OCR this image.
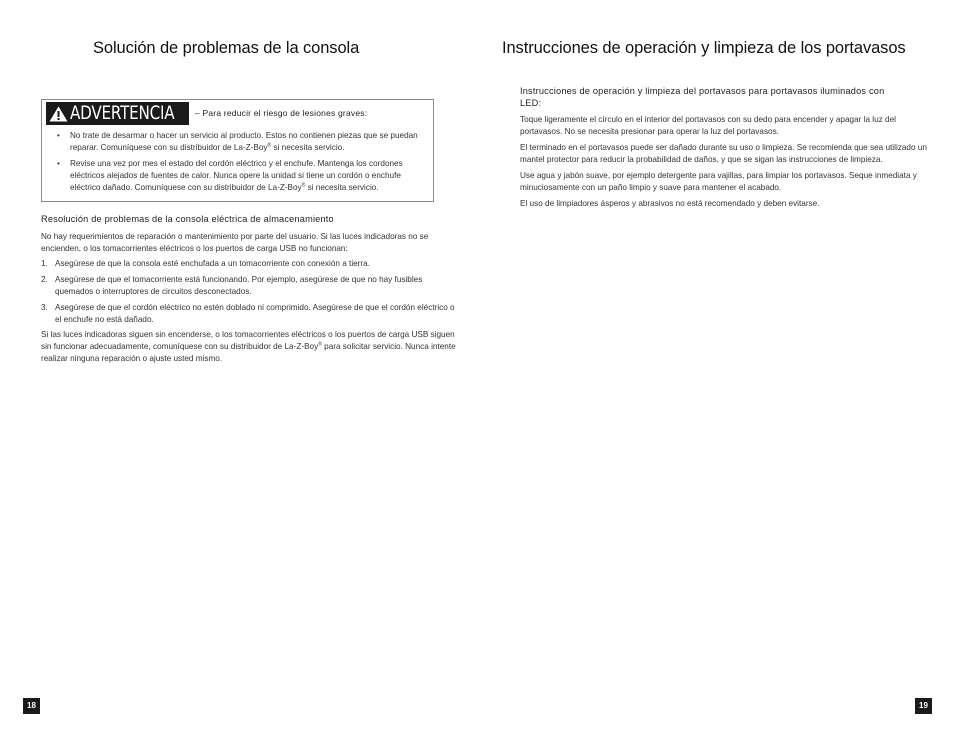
Solución de problemas de la consola	Instrucciones de operación y limpieza de los portavasos
ADVERTENCIA – Para reducir el riesgo de lesiones graves:
• No trate de desarmar o hacer un servicio al producto. Estos no contienen piezas que se puedan reparar. Comuníquese con su distribuidor de La-Z-Boy® si necesita servicio.
• Revise una vez por mes el estado del cordón eléctrico y el enchufe. Mantenga los cordones eléctricos alejados de fuentes de calor. Nunca opere la unidad si tiene un cordón o enchufe eléctrico dañado. Comuníquese con su distribuidor de La-Z-Boy® si necesita servicio.
Resolución de problemas de la consola eléctrica de almacenamiento

No hay requerimientos de reparación o mantenimiento por parte del usuario. Si las luces indicadoras no se encienden, o los tomacorrientes eléctricos o los puertos de carga USB no funcionan:

1. Asegúrese de que la consola esté enchufada a un tomacorriente con conexión a tierra.
2. Asegúrese de que el tomacorriente está funcionando. Por ejemplo, asegúrese de que no hay fusibles quemados o interruptores de circuitos desconectados.
3. Asegúrese de que el cordón eléctrico no estén doblado ni comprimido. Asegúrese de que el cordón eléctrico o el enchufe no está dañado.

Si las luces indicadoras siguen sin encenderse, o los tomacorrientes eléctricos o los puertos de carga USB siguen sin funcionar adecuadamente, comuníquese con su distribuidor de La-Z-Boy® para solicitar servicio. Nunca intente realizar ninguna reparación o ajuste usted mismo.

Instrucciones de operación y limpieza del portavasos para portavasos iluminados con LED:

Toque ligeramente el círculo en el interior del portavasos con su dedo para encender y apagar la luz del portavasos. No se necesita presionar para operar la luz del portavasos.

El terminado en el portavasos puede ser dañado durante su uso o limpieza. Se recomienda que sea utilizado un mantel protector para reducir la probabilidad de daños, y que se sigan las instrucciones de limpieza.

Use agua y jabón suave, por ejemplo detergente para vajillas, para limpiar los portavasos. Seque inmediata y minuciosamente con un paño limpio y suave para mantener el acabado.

El uso de limpiadores ásperos y abrasivos no está recomendado y deben evitarse.

18	19
